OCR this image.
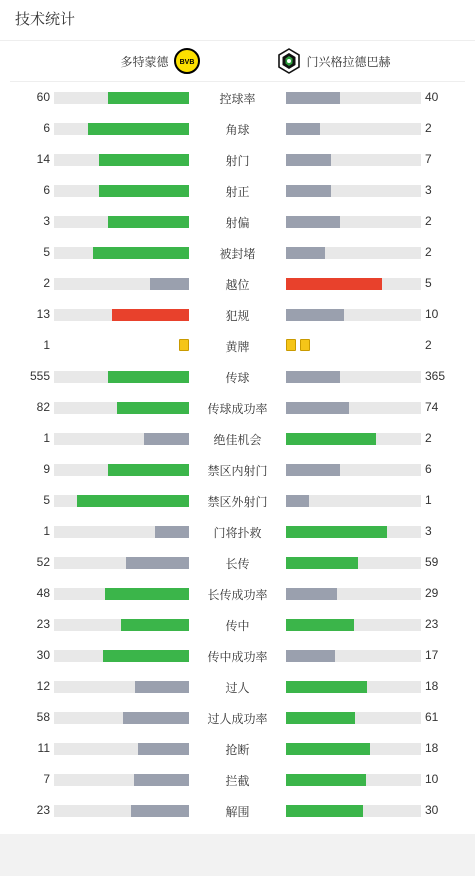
技术统计
多特蒙德 BVB	门兴格拉德巴赫
60	控球率	40
6	角球	2
14	射门	7
6	射正	3
3	射偏	2
5	被封堵	2
2	越位	5
13	犯规	10
1	黄牌	2
555	传球	365
82	传球成功率	74
1	绝佳机会	2
9	禁区内射门	6
5	禁区外射门	1
1	门将扑救	3
52	长传	59
48	长传成功率	29
23	传中	23
30	传中成功率	17
12	过人	18
58	过人成功率	61
11	抢断	18
7	拦截	10
23	解围	30
